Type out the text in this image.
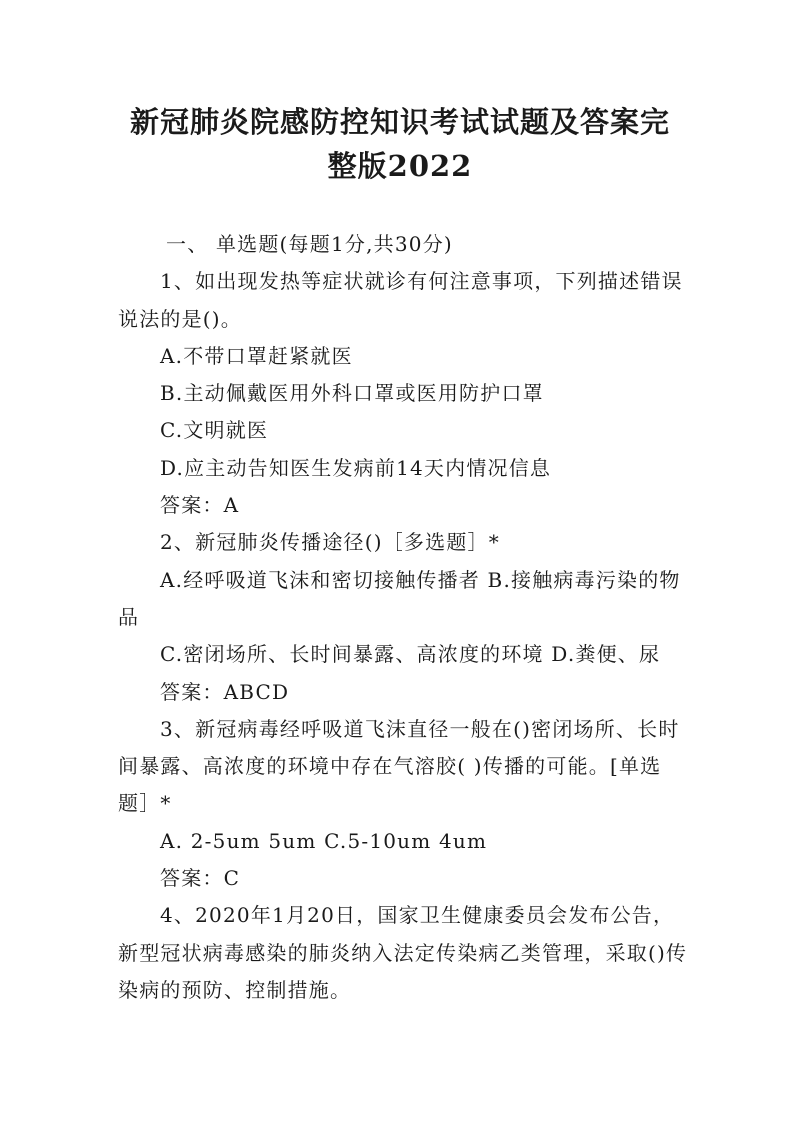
新冠肺炎院感防控知识考试试题及答案完
整版2022

一、 单选题(每题1分,共30分)

1、如出现发热等症状就诊有何注意事项，下列描述错误说法的是()。

A.不带口罩赶紧就医

B.主动佩戴医用外科口罩或医用防护口罩

C.文明就医

D.应主动告知医生发病前14天内情况信息

答案：A

2、新冠肺炎传播途径()［多选题］*

A.经呼吸道飞沫和密切接触传播者 B.接触病毒污染的物品

C.密闭场所、长时间暴露、高浓度的环境 D.粪便、尿

答案：ABCD

3、新冠病毒经呼吸道飞沫直径一般在()密闭场所、长时间暴露、高浓度的环境中存在气溶胶( )传播的可能。[单选题］*

A. 2-5um 5um C.5-10um 4um

答案：C

4、2020年1月20日，国家卫生健康委员会发布公告，新型冠状病毒感染的肺炎纳入法定传染病乙类管理，采取()传染病的预防、控制措施。
